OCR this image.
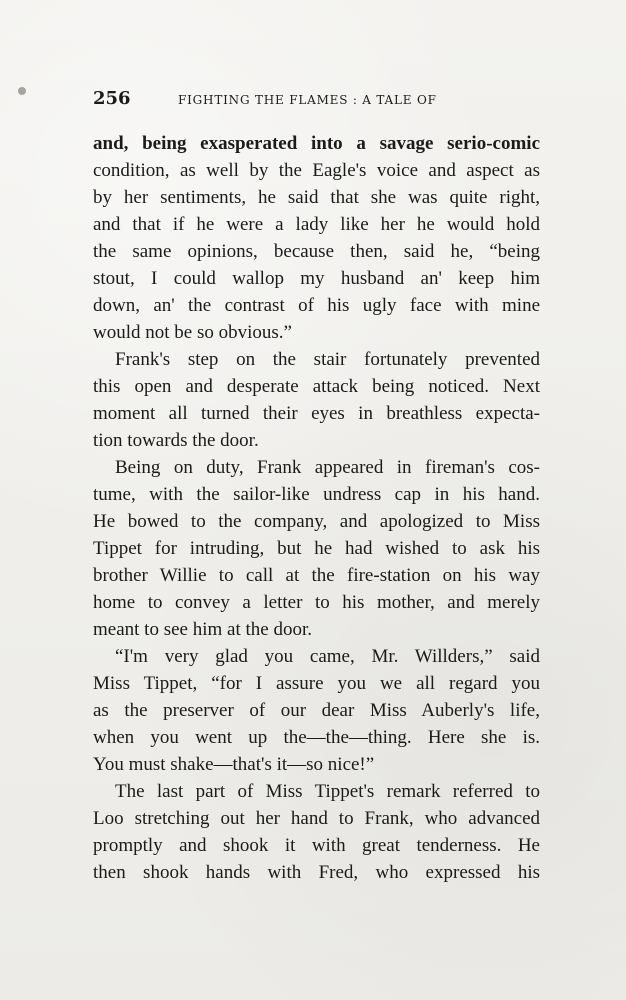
256	FIGHTING THE FLAMES : A TALE OF
and, being exasperated into a savage serio-comic
condition, as well by the Eagle's voice and aspect as
by her sentiments, he said that she was quite right,
and that if he were a lady like her he would hold
the same opinions, because then, said he, “being
stout, I could wallop my husband an' keep him
down, an' the contrast of his ugly face with mine
would not be so obvious.”
Frank's step on the stair fortunately prevented
this open and desperate attack being noticed. Next
moment all turned their eyes in breathless expecta-
tion towards the door.
Being on duty, Frank appeared in fireman's cos-
tume, with the sailor-like undress cap in his hand.
He bowed to the company, and apologized to Miss
Tippet for intruding, but he had wished to ask his
brother Willie to call at the fire-station on his way
home to convey a letter to his mother, and merely
meant to see him at the door.
“I'm very glad you came, Mr. Willders,” said
Miss Tippet, “for I assure you we all regard you
as the preserver of our dear Miss Auberly's life,
when you went up the—the—thing. Here she is.
You must shake—that's it—so nice!”
The last part of Miss Tippet's remark referred to
Loo stretching out her hand to Frank, who advanced
promptly and shook it with great tenderness. He
then shook hands with Fred, who expressed his
